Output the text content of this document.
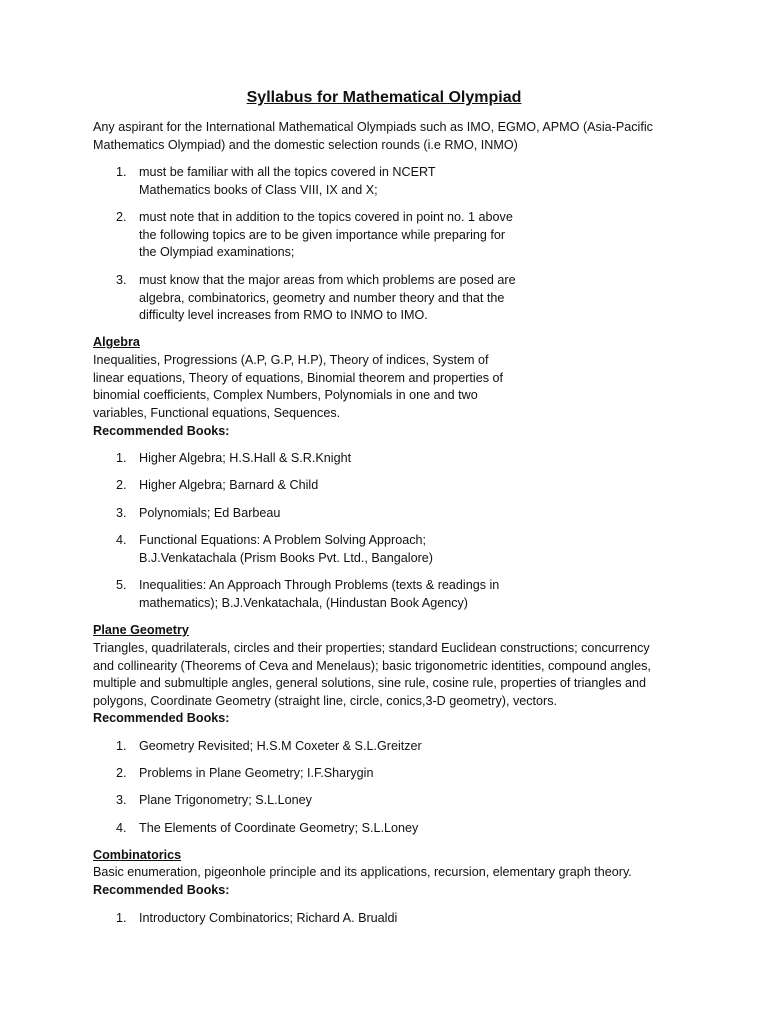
Syllabus for Mathematical Olympiad
Any aspirant for the International Mathematical Olympiads such as IMO, EGMO, APMO (Asia-Pacific
Mathematics Olympiad) and the domestic selection rounds (i.e RMO, INMO)
1. must be familiar with all the topics covered in NCERT
Mathematics books of Class VIII, IX and X;
2. must note that in addition to the topics covered in point no. 1 above
the following topics are to be given importance while preparing for
the Olympiad examinations;
3. must know that the major areas from which problems are posed are
algebra, combinatorics, geometry and number theory and that the
difficulty level increases from RMO to INMO to IMO.
Algebra
Inequalities, Progressions (A.P, G.P, H.P), Theory of indices, System of
linear equations, Theory of equations, Binomial theorem and properties of
binomial coefficients, Complex Numbers, Polynomials in one and two
variables, Functional equations, Sequences.
Recommended Books:
1. Higher Algebra; H.S.Hall & S.R.Knight
2. Higher Algebra; Barnard & Child
3. Polynomials; Ed Barbeau
4. Functional Equations: A Problem Solving Approach;
B.J.Venkatachala (Prism Books Pvt. Ltd., Bangalore)
5. Inequalities: An Approach Through Problems (texts & readings in
mathematics); B.J.Venkatachala, (Hindustan Book Agency)
Plane Geometry
Triangles, quadrilaterals, circles and their properties; standard Euclidean constructions; concurrency
and collinearity (Theorems of Ceva and Menelaus); basic trigonometric identities, compound angles,
multiple and submultiple angles, general solutions, sine rule, cosine rule, properties of triangles and
polygons, Coordinate Geometry (straight line, circle, conics,3-D geometry), vectors.
Recommended Books:
1. Geometry Revisited; H.S.M Coxeter & S.L.Greitzer
2. Problems in Plane Geometry; I.F.Sharygin
3. Plane Trigonometry; S.L.Loney
4. The Elements of Coordinate Geometry; S.L.Loney
Combinatorics
Basic enumeration, pigeonhole principle and its applications, recursion, elementary graph theory.
Recommended Books:
1. Introductory Combinatorics; Richard A. Brualdi
